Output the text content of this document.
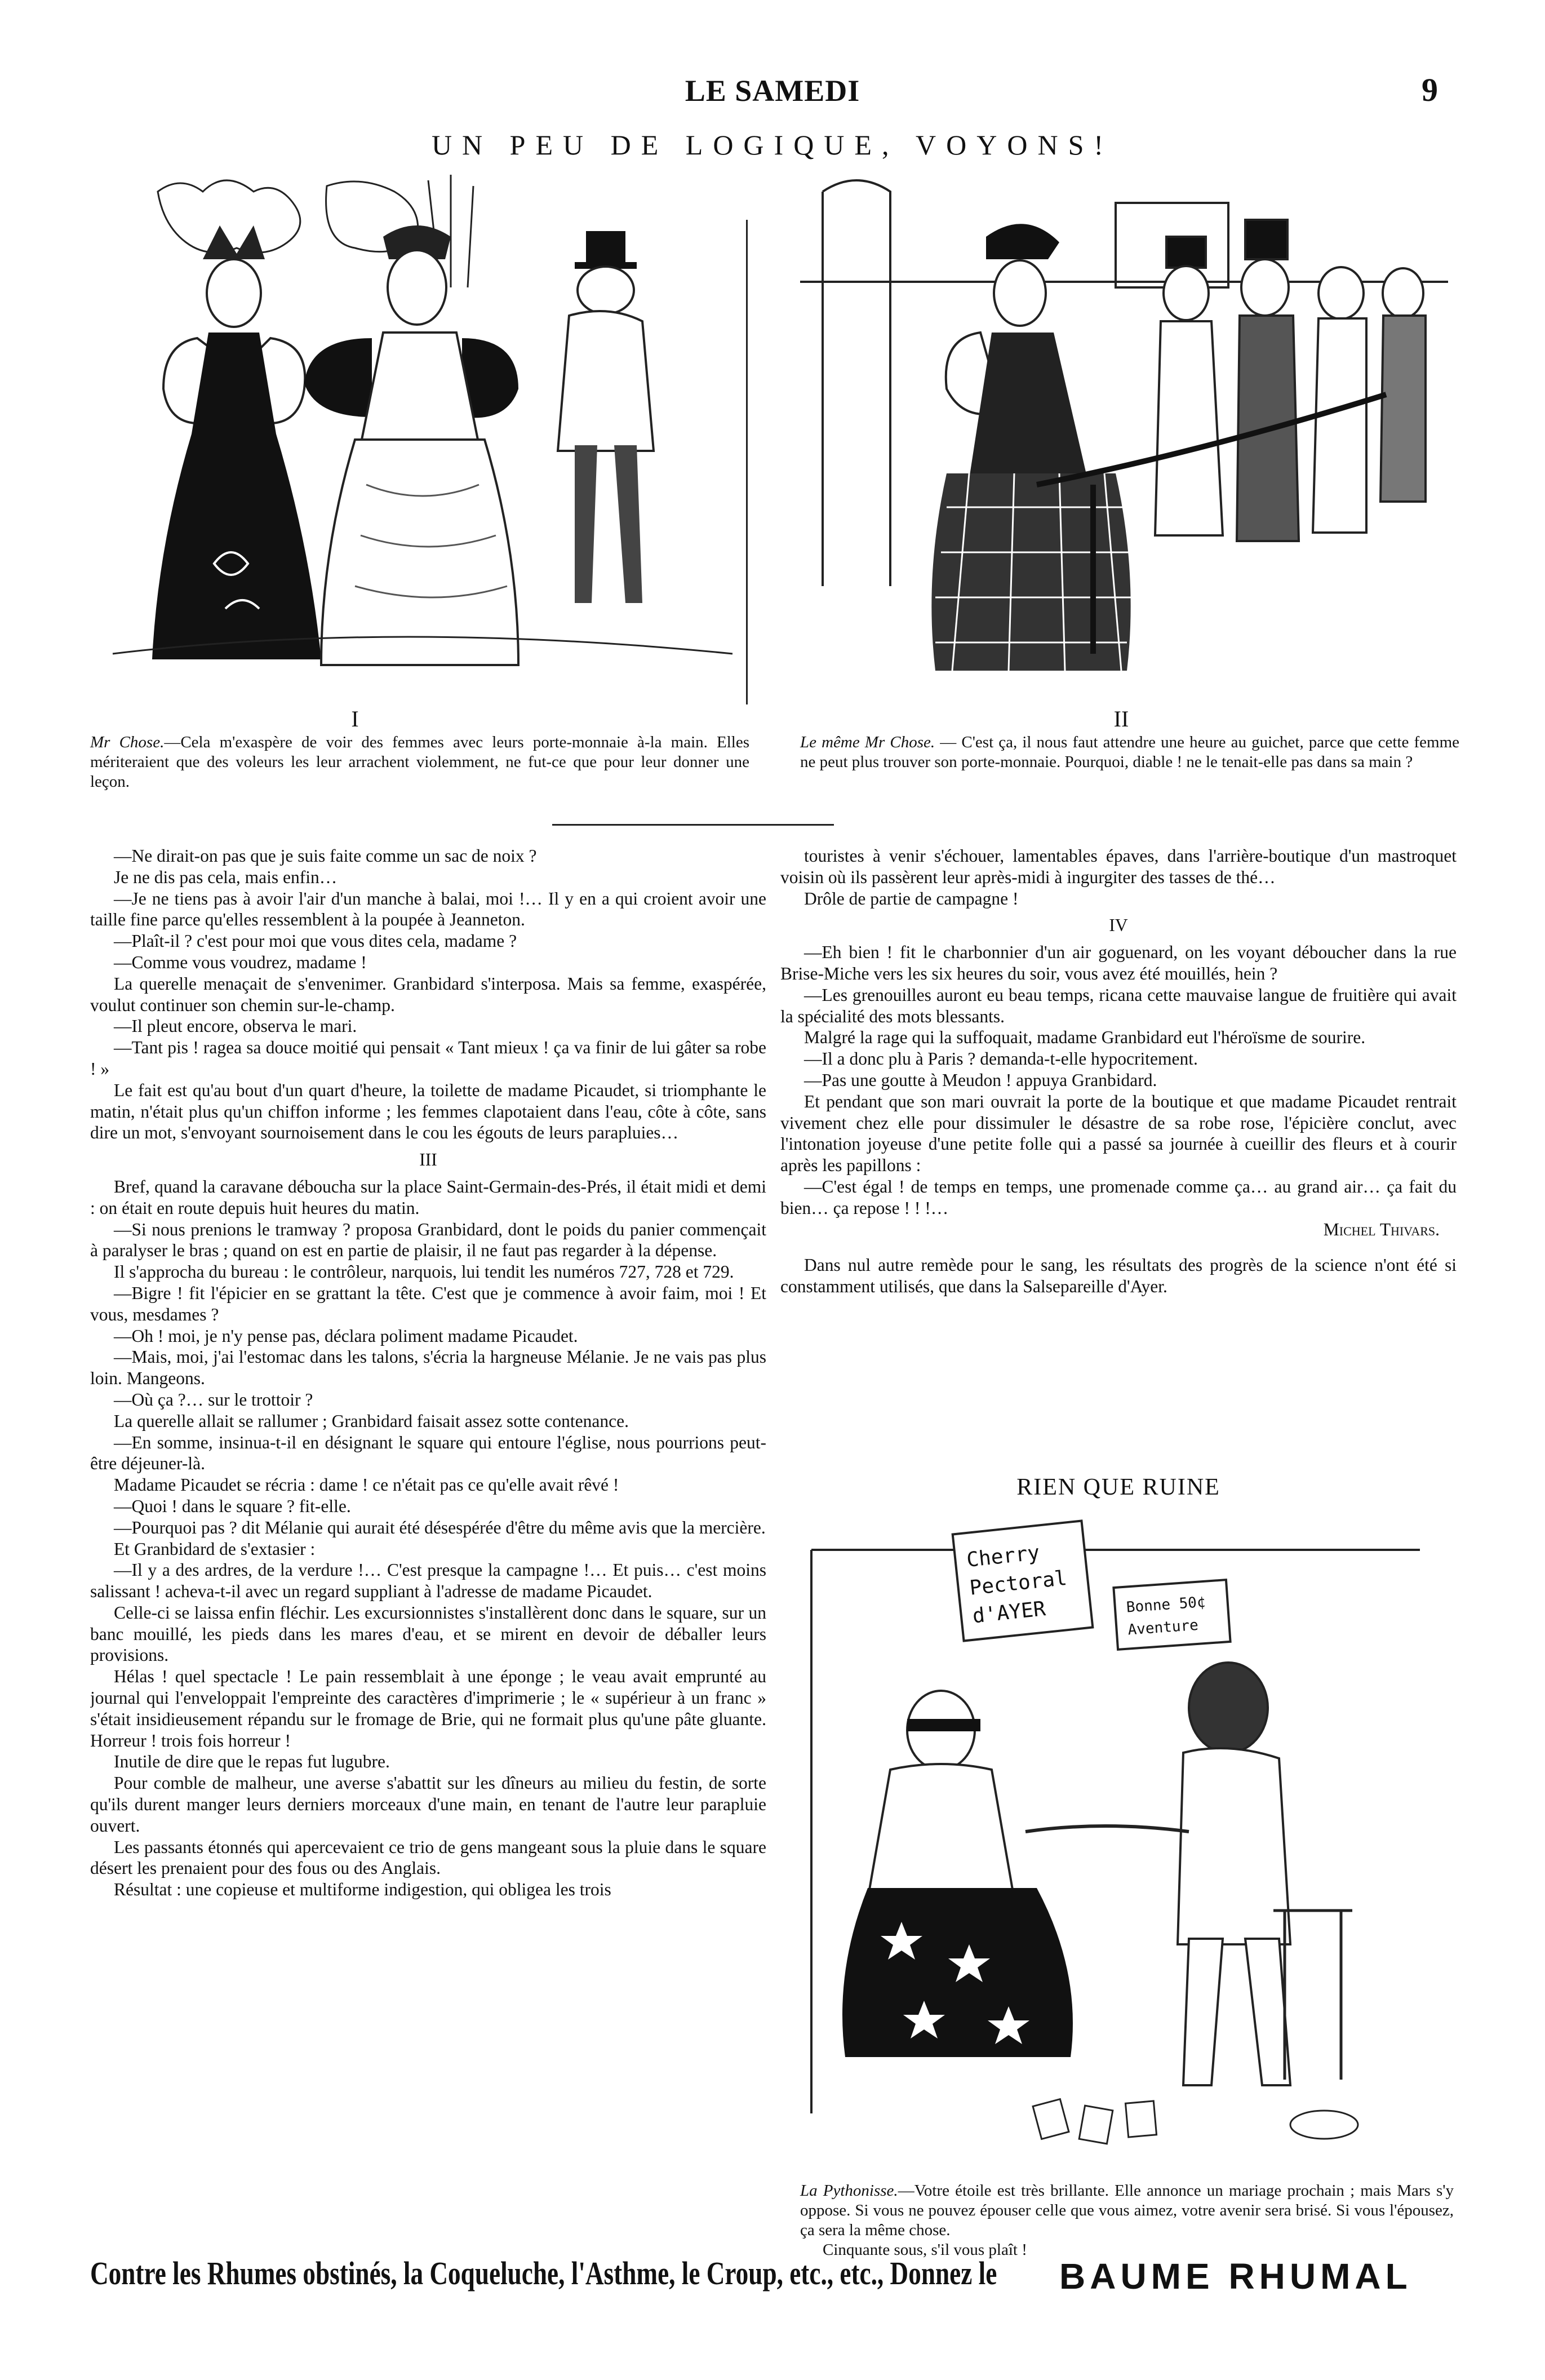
LE SAMEDI	9
UN PEU DE LOGIQUE, VOYONS!
I	II
Mr Chose.—Cela m'exaspère de voir des femmes avec leurs porte-monnaie à-la main. Elles mériteraient que des voleurs les leur arrachent violemment, ne fut-ce que pour leur donner une leçon.
Le même Mr Chose. — C'est ça, il nous faut attendre une heure au guichet, parce que cette femme ne peut plus trouver son porte-monnaie. Pourquoi, diable ! ne le tenait-elle pas dans sa main ?

—Ne dirait-on pas que je suis faite comme un sac de noix ?

Je ne dis pas cela, mais enfin…

—Je ne tiens pas à avoir l'air d'un manche à balai, moi !… Il y en a qui croient avoir une taille fine parce qu'elles ressemblent à la poupée à Jeanneton.

—Plaît-il ? c'est pour moi que vous dites cela, madame ?

—Comme vous voudrez, madame !

La querelle menaçait de s'envenimer. Granbidard s'interposa. Mais sa femme, exaspérée, voulut continuer son chemin sur-le-champ.

—Il pleut encore, observa le mari.

—Tant pis ! ragea sa douce moitié qui pensait « Tant mieux ! ça va finir de lui gâter sa robe ! »

Le fait est qu'au bout d'un quart d'heure, la toilette de madame Picaudet, si triomphante le matin, n'était plus qu'un chiffon informe ; les femmes clapotaient dans l'eau, côte à côte, sans dire un mot, s'envoyant sournoisement dans le cou les égouts de leurs parapluies…

III

Bref, quand la caravane déboucha sur la place Saint-Germain-des-Prés, il était midi et demi : on était en route depuis huit heures du matin.

—Si nous prenions le tramway ? proposa Granbidard, dont le poids du panier commençait à paralyser le bras ; quand on est en partie de plaisir, il ne faut pas regarder à la dépense.

Il s'approcha du bureau : le contrôleur, narquois, lui tendit les numéros 727, 728 et 729.

—Bigre ! fit l'épicier en se grattant la tête. C'est que je commence à avoir faim, moi ! Et vous, mesdames ?

—Oh ! moi, je n'y pense pas, déclara poliment madame Picaudet.

—Mais, moi, j'ai l'estomac dans les talons, s'écria la hargneuse Mélanie. Je ne vais pas plus loin. Mangeons.

—Où ça ?… sur le trottoir ?

La querelle allait se rallumer ; Granbidard faisait assez sotte contenance.

—En somme, insinua-t-il en désignant le square qui entoure l'église, nous pourrions peut-être déjeuner-là.

Madame Picaudet se récria : dame ! ce n'était pas ce qu'elle avait rêvé !

—Quoi ! dans le square ? fit-elle.

—Pourquoi pas ? dit Mélanie qui aurait été désespérée d'être du même avis que la mercière.

Et Granbidard de s'extasier :

—Il y a des ardres, de la verdure !… C'est presque la campagne !… Et puis… c'est moins salissant ! acheva-t-il avec un regard suppliant à l'adresse de madame Picaudet.

Celle-ci se laissa enfin fléchir. Les excursionnistes s'installèrent donc dans le square, sur un banc mouillé, les pieds dans les mares d'eau, et se mirent en devoir de déballer leurs provisions.

Hélas ! quel spectacle ! Le pain ressemblait à une éponge ; le veau avait emprunté au journal qui l'enveloppait l'empreinte des caractères d'imprimerie ; le « supérieur à un franc » s'était insidieusement répandu sur le fromage de Brie, qui ne formait plus qu'une pâte gluante. Horreur ! trois fois horreur !

Inutile de dire que le repas fut lugubre.

Pour comble de malheur, une averse s'abattit sur les dîneurs au milieu du festin, de sorte qu'ils durent manger leurs derniers morceaux d'une main, en tenant de l'autre leur parapluie ouvert.

Les passants étonnés qui apercevaient ce trio de gens mangeant sous la pluie dans le square désert les prenaient pour des fous ou des Anglais.

Résultat : une copieuse et multiforme indigestion, qui obligea les trois

touristes à venir s'échouer, lamentables épaves, dans l'arrière-boutique d'un mastroquet voisin où ils passèrent leur après-midi à ingurgiter des tasses de thé…

Drôle de partie de campagne !

IV

—Eh bien ! fit le charbonnier d'un air goguenard, on les voyant déboucher dans la rue Brise-Miche vers les six heures du soir, vous avez été mouillés, hein ?

—Les grenouilles auront eu beau temps, ricana cette mauvaise langue de fruitière qui avait la spécialité des mots blessants.

Malgré la rage qui la suffoquait, madame Granbidard eut l'héroïsme de sourire.

—Il a donc plu à Paris ? demanda-t-elle hypocritement.

—Pas une goutte à Meudon ! appuya Granbidard.

Et pendant que son mari ouvrait la porte de la boutique et que madame Picaudet rentrait vivement chez elle pour dissimuler le désastre de sa robe rose, l'épicière conclut, avec l'intonation joyeuse d'une petite folle qui a passé sa journée à cueillir des fleurs et à courir après les papillons :

—C'est égal ! de temps en temps, une promenade comme ça… au grand air… ça fait du bien… ça repose ! ! !…

Michel Thivars.

Dans nul autre remède pour le sang, les résultats des progrès de la science n'ont été si constamment utilisés, que dans la Salsepareille d'Ayer.

RIEN QUE RUINE
Cherry
Pectoral
d'AYER	Bonne 50¢
Aventure
La Pythonisse.—Votre étoile est très brillante. Elle annonce un mariage prochain ; mais Mars s'y oppose. Si vous ne pouvez épouser celle que vous aimez, votre avenir sera brisé. Si vous l'épousez, ça sera la même chose.
Cinquante sous, s'il vous plaît !
Contre les Rhumes obstinés, la Coqueluche, l'Asthme, le Croup, etc., etc., Donnez le BAUME RHUMAL
